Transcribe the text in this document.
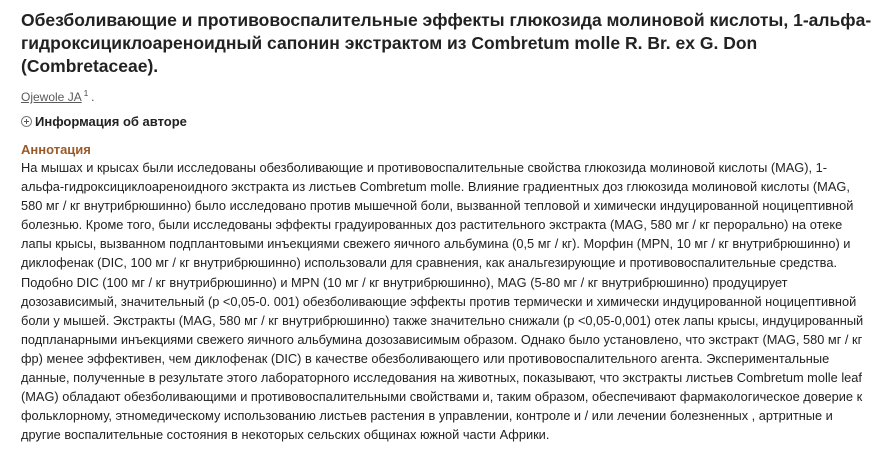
Обезболивающие и противовоспалительные эффекты глюкозида молиновой кислоты, 1-альфа-гидроксициклоареноидный сапонин экстрактом из Combretum molle R. Br. ex G. Don (Combretaceae).
Ojewole JA $^1$ .
Информация об авторе
Аннотация
На мышах и крысах были исследованы обезболивающие и противовоспалительные свойства глюкозида молиновой кислоты (MAG), 1-альфа-гидроксициклоареноидного экстракта из листьев Combretum molle. Влияние градиентных доз глюкозида молиновой кислоты (MAG, 580 мг / кг внутрибрюшинно) было исследовано против мышечной боли, вызванной тепловой и химически индуцированной ноцицептивной болезнью. Кроме того, были исследованы эффекты градуированных доз растительного экстракта (MAG, 580 мг / кг перорально) на отеке лапы крысы, вызванном подплантовыми инъекциями свежего яичного альбумина (0,5 мг / кг). Морфин (MPN, 10 мг / кг внутрибрюшинно) и диклофенак (DIC, 100 мг / кг внутрибрюшинно) использовали для сравнения, как анальгезирующие и противовоспалительные средства. Подобно DIC (100 мг / кг внутрибрюшинно) и MPN (10 мг / кг внутрибрюшинно), MAG (5-80 мг / кг внутрибрюшинно) продуцирует дозозависимый, значительный (p <0,05-0. 001) обезболивающие эффекты против термически и химически индуцированной ноцицептивной боли у мышей. Экстракты (MAG, 580 мг / кг внутрибрюшинно) также значительно снижали (p <0,05-0,001) отек лапы крысы, индуцированный подпланарными инъекциями свежего яичного альбумина дозозависимым образом. Однако было установлено, что экстракт (MAG, 580 мг / кг фр) менее эффективен, чем диклофенак (DIC) в качестве обезболивающего или противовоспалительного агента. Экспериментальные данные, полученные в результате этого лабораторного исследования на животных, показывают, что экстракты листьев Combretum molle leaf (MAG) обладают обезболивающими и противовоспалительными свойствами и, таким образом, обеспечивают фармакологическое доверие к фольклорному, этномедическому использованию листьев растения в управлении, контроле и / или лечении болезненных , артритные и другие воспалительные состояния в некоторых сельских общинах южной части Африки.
